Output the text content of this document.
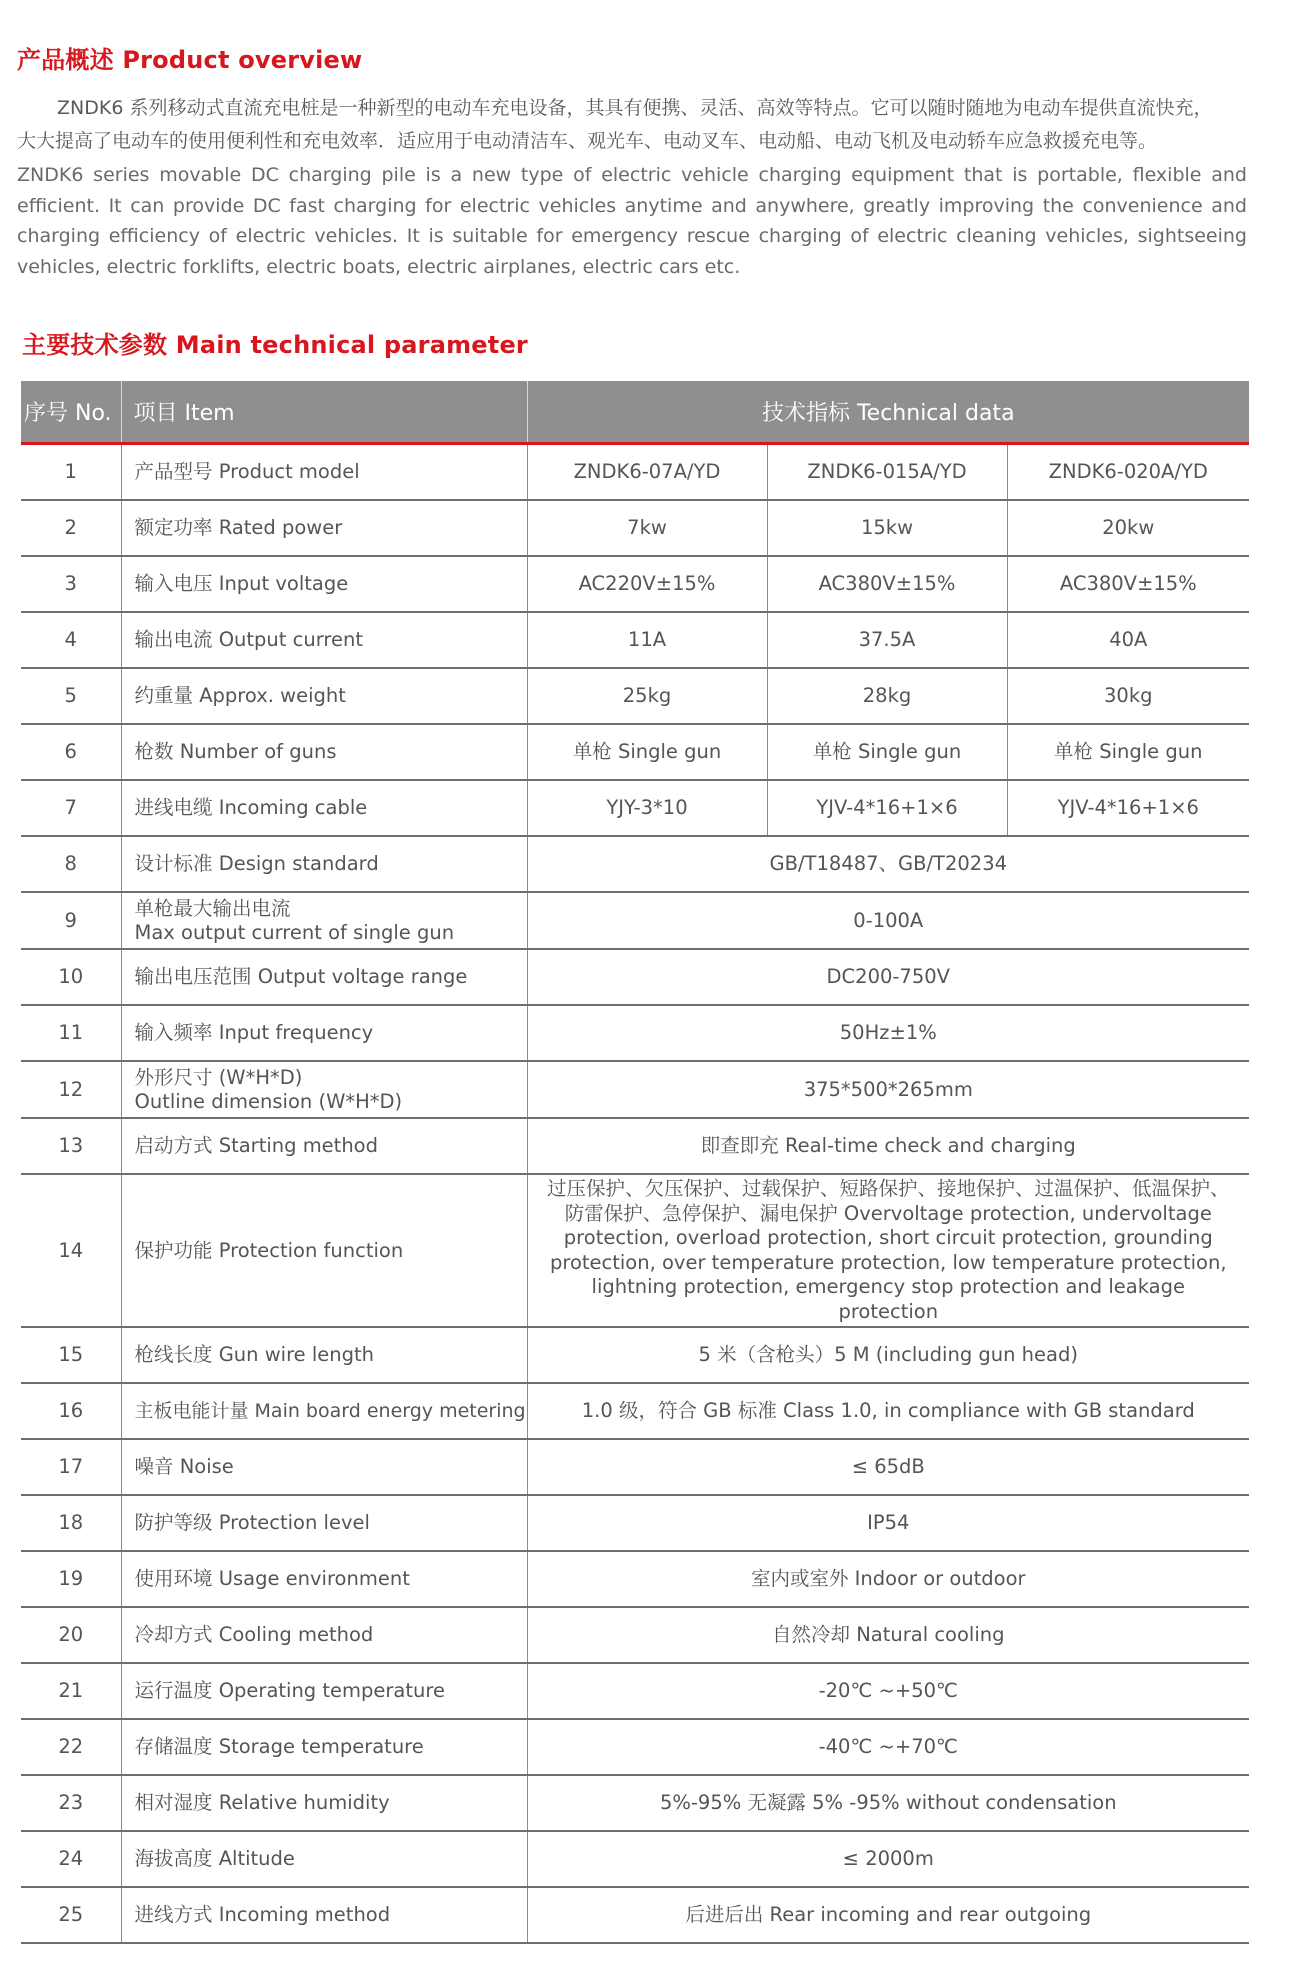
产品概述 Product overview
ZNDK6 系列移动式直流充电桩是一种新型的电动车充电设备，其具有便携、灵活、高效等特点。它可以随时随地为电动车提供直流快充，
大大提高了电动车的使用便利性和充电效率．适应用于电动清洁车、观光车、电动叉车、电动船、电动飞机及电动轿车应急救援充电等。
ZNDK6 series movable DC charging pile is a new type of electric vehicle charging equipment that is portable, flexible and efficient. It can provide DC fast charging for electric vehicles anytime and anywhere, greatly improving the convenience and charging efficiency of electric vehicles. It is suitable for emergency rescue charging of electric cleaning vehicles, sightseeing vehicles, electric forklifts, electric boats, electric airplanes, electric cars etc.
主要技术参数 Main technical parameter
序号 No.	项目 Item	技术指标 Technical data		
1	产品型号 Product model	ZNDK6-07A/YD	ZNDK6-015A/YD	ZNDK6-020A/YD
2	额定功率 Rated power	7kw	15kw	20kw
3	输入电压 Input voltage	AC220V±15%	AC380V±15%	AC380V±15%
4	输出电流 Output current	11A	37.5A	40A
5	约重量 Approx. weight	25kg	28kg	30kg
6	枪数 Number of guns	单枪 Single gun	单枪 Single gun	单枪 Single gun
7	进线电缆 Incoming cable	YJY-3*10	YJV-4*16+1×6	YJV-4*16+1×6
8	设计标准 Design standard	GB/T18487、GB/T20234		
9	单枪最大输出电流
Max output current of single gun	0-100A		
10	输出电压范围 Output voltage range	DC200-750V		
11	输入频率 Input frequency	50Hz±1%		
12	外形尺寸 (W*H*D)
Outline dimension (W*H*D)	375*500*265mm		
13	启动方式 Starting method	即查即充 Real-time check and charging		
14	保护功能 Protection function	过压保护、欠压保护、过载保护、短路保护、接地保护、过温保护、低温保护、防雷保护、急停保护、漏电保护 Overvoltage protection, undervoltage protection, overload protection, short circuit protection, grounding protection, over temperature protection, low temperature protection, lightning protection, emergency stop protection and leakage protection		
15	枪线长度 Gun wire length	5 米（含枪头）5 M (including gun head)		
16	主板电能计量 Main board energy metering	1.0 级，符合 GB 标准 Class 1.0, in compliance with GB standard		
17	噪音 Noise	≤ 65dB		
18	防护等级 Protection level	IP54		
19	使用环境 Usage environment	室内或室外 Indoor or outdoor		
20	冷却方式 Cooling method	自然冷却 Natural cooling		
21	运行温度 Operating temperature	-20℃ ~+50℃		
22	存储温度 Storage temperature	-40℃ ~+70℃		
23	相对湿度 Relative humidity	5%-95% 无凝露 5% -95% without condensation		
24	海拔高度 Altitude	≤ 2000m		
25	进线方式 Incoming method	后进后出 Rear incoming and rear outgoing		
